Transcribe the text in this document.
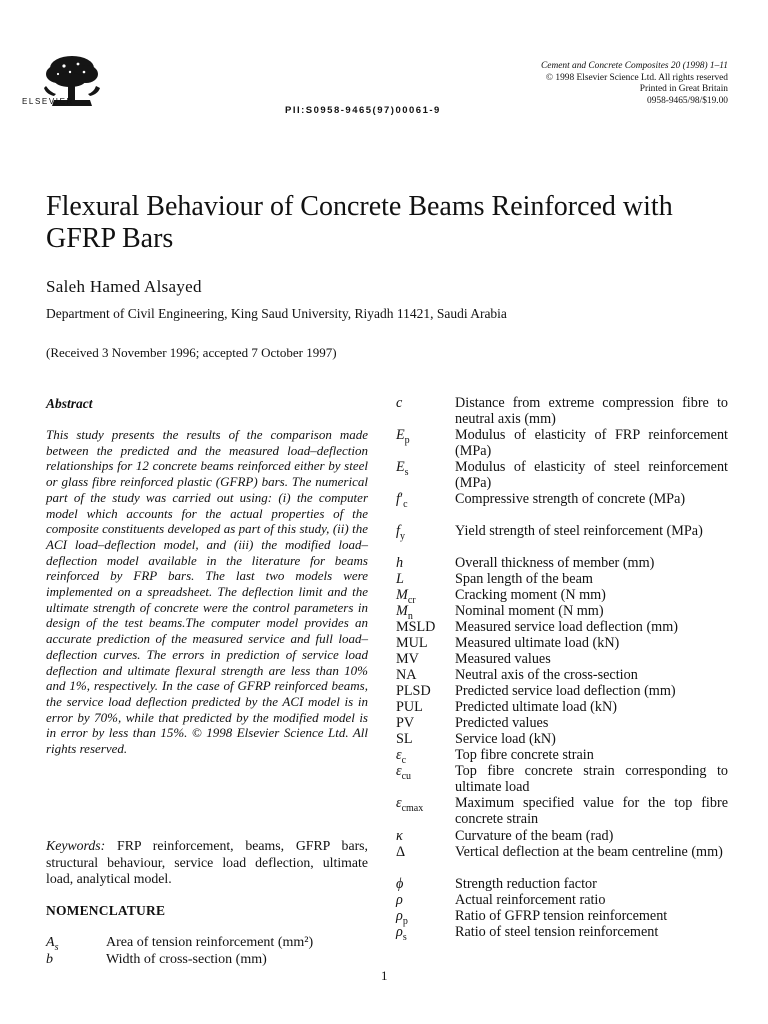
ELSEVIER
PII:S0958-9465(97)00061-9
Cement and Concrete Composites 20 (1998) 1–11
© 1998 Elsevier Science Ltd. All rights reserved
Printed in Great Britain
0958-9465/98/$19.00
Flexural Behaviour of Concrete Beams Reinforced with GFRP Bars
Saleh Hamed Alsayed
Department of Civil Engineering, King Saud University, Riyadh 11421, Saudi Arabia
(Received 3 November 1996; accepted 7 October 1997)
Abstract
This study presents the results of the comparison made between the predicted and the measured load–deflection relationships for 12 concrete beams reinforced either by steel or glass fibre reinforced plastic (GFRP) bars. The numerical part of the study was carried out using: (i) the computer model which accounts for the actual properties of the composite constituents developed as part of this study, (ii) the ACI load–deflection model, and (iii) the modified load–deflection model available in the literature for beams reinforced by FRP bars. The last two models were implemented on a spreadsheet. The deflection limit and the ultimate strength of concrete were the control parameters in design of the test beams.The computer model provides an accurate prediction of the measured service and full load–deflection curves. The errors in prediction of service load deflection and ultimate flexural strength are less than 10% and 1%, respectively. In the case of GFRP reinforced beams, the service load deflection predicted by the ACI model is in error by 70%, while that predicted by the modified model is in error by less than 15%. © 1998 Elsevier Science Ltd. All rights reserved.
Keywords: FRP reinforcement, beams, GFRP bars, structural behaviour, service load deflection, ultimate load, analytical model.
NOMENCLATURE
$A_s$	Area of tension reinforcement (mm²)
b	Width of cross-section (mm)
c	Distance from extreme compression fibre to neutral axis (mm)
$E_p$	Modulus of elasticity of FRP reinforcement (MPa)
$E_s$	Modulus of elasticity of steel reinforcement (MPa)
$f'_c$	Compressive strength of concrete (MPa)
$f_y$	Yield strength of steel reinforcement (MPa)
h	Overall thickness of member (mm)
L	Span length of the beam
$M_{cr}$	Cracking moment (N mm)
$M_n$	Nominal moment (N mm)
MSLD	Measured service load deflection (mm)
MUL	Measured ultimate load (kN)
MV	Measured values
NA	Neutral axis of the cross-section
PLSD	Predicted service load deflection (mm)
PUL	Predicted ultimate load (kN)
PV	Predicted values
SL	Service load (kN)
$\varepsilon_c$	Top fibre concrete strain
$\varepsilon_{cu}$	Top fibre concrete strain corresponding to ultimate load
$\varepsilon_{cmax}$	Maximum specified value for the top fibre concrete strain
κ	Curvature of the beam (rad)
Δ	Vertical deflection at the beam centreline (mm)
ϕ	Strength reduction factor
ρ	Actual reinforcement ratio
$\rho_p$	Ratio of GFRP tension reinforcement
$\rho_s$	Ratio of steel tension reinforcement
1
